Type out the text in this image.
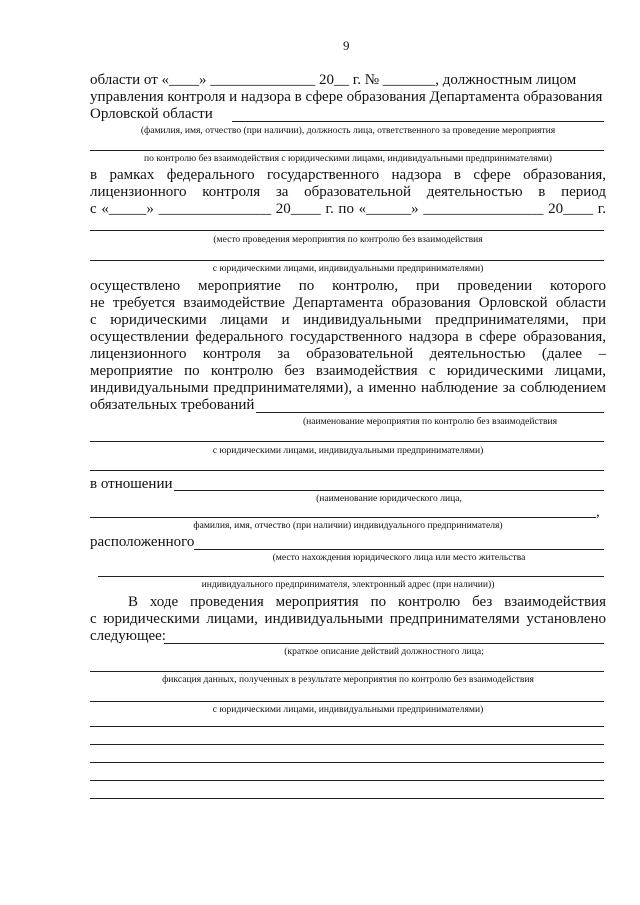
9
области от «____» ______________ 20__ г. № _______, должностным лицом
управления контроля и надзора в сфере образования Департамента образования
Орловской области
(фамилия, имя, отчество (при наличии), должность лица, ответственного за проведение мероприятия
по контролю без взаимодействия с юридическими лицами, индивидуальными предпринимателями)
в рамках федерального государственного надзора в сфере образования,
лицензионного контроля за образовательной деятельностью в период
с «_____» _______________ 20____ г. по «______» ________________ 20____ г.
(место проведения мероприятия по контролю без взаимодействия
с юридическими лицами, индивидуальными предпринимателями)
осуществлено мероприятие по контролю, при проведении которого
не требуется взаимодействие Департамента образования Орловской области
с юридическими лицами и индивидуальными предпринимателями, при
осуществлении федерального государственного надзора в сфере образования,
лицензионного контроля за образовательной деятельностью (далее –
мероприятие по контролю без взаимодействия с юридическими лицами,
индивидуальными предпринимателями), а именно наблюдение за соблюдением
обязательных требований
(наименование мероприятия по контролю без взаимодействия
с юридическими лицами, индивидуальными предпринимателями)
в отношении
(наименование юридического лица,
,
фамилия, имя, отчество (при наличии) индивидуального предпринимателя)
расположенного
(место нахождения юридического лица или место жительства
индивидуального предпринимателя, электронный адрес (при наличии))
В ходе проведения мероприятия по контролю без взаимодействия
с юридическими лицами, индивидуальными предпринимателями установлено
следующее:
(краткое описание действий должностного лица;
фиксация данных, полученных в результате мероприятия по контролю без взаимодействия
с юридическими лицами, индивидуальными предпринимателями)
